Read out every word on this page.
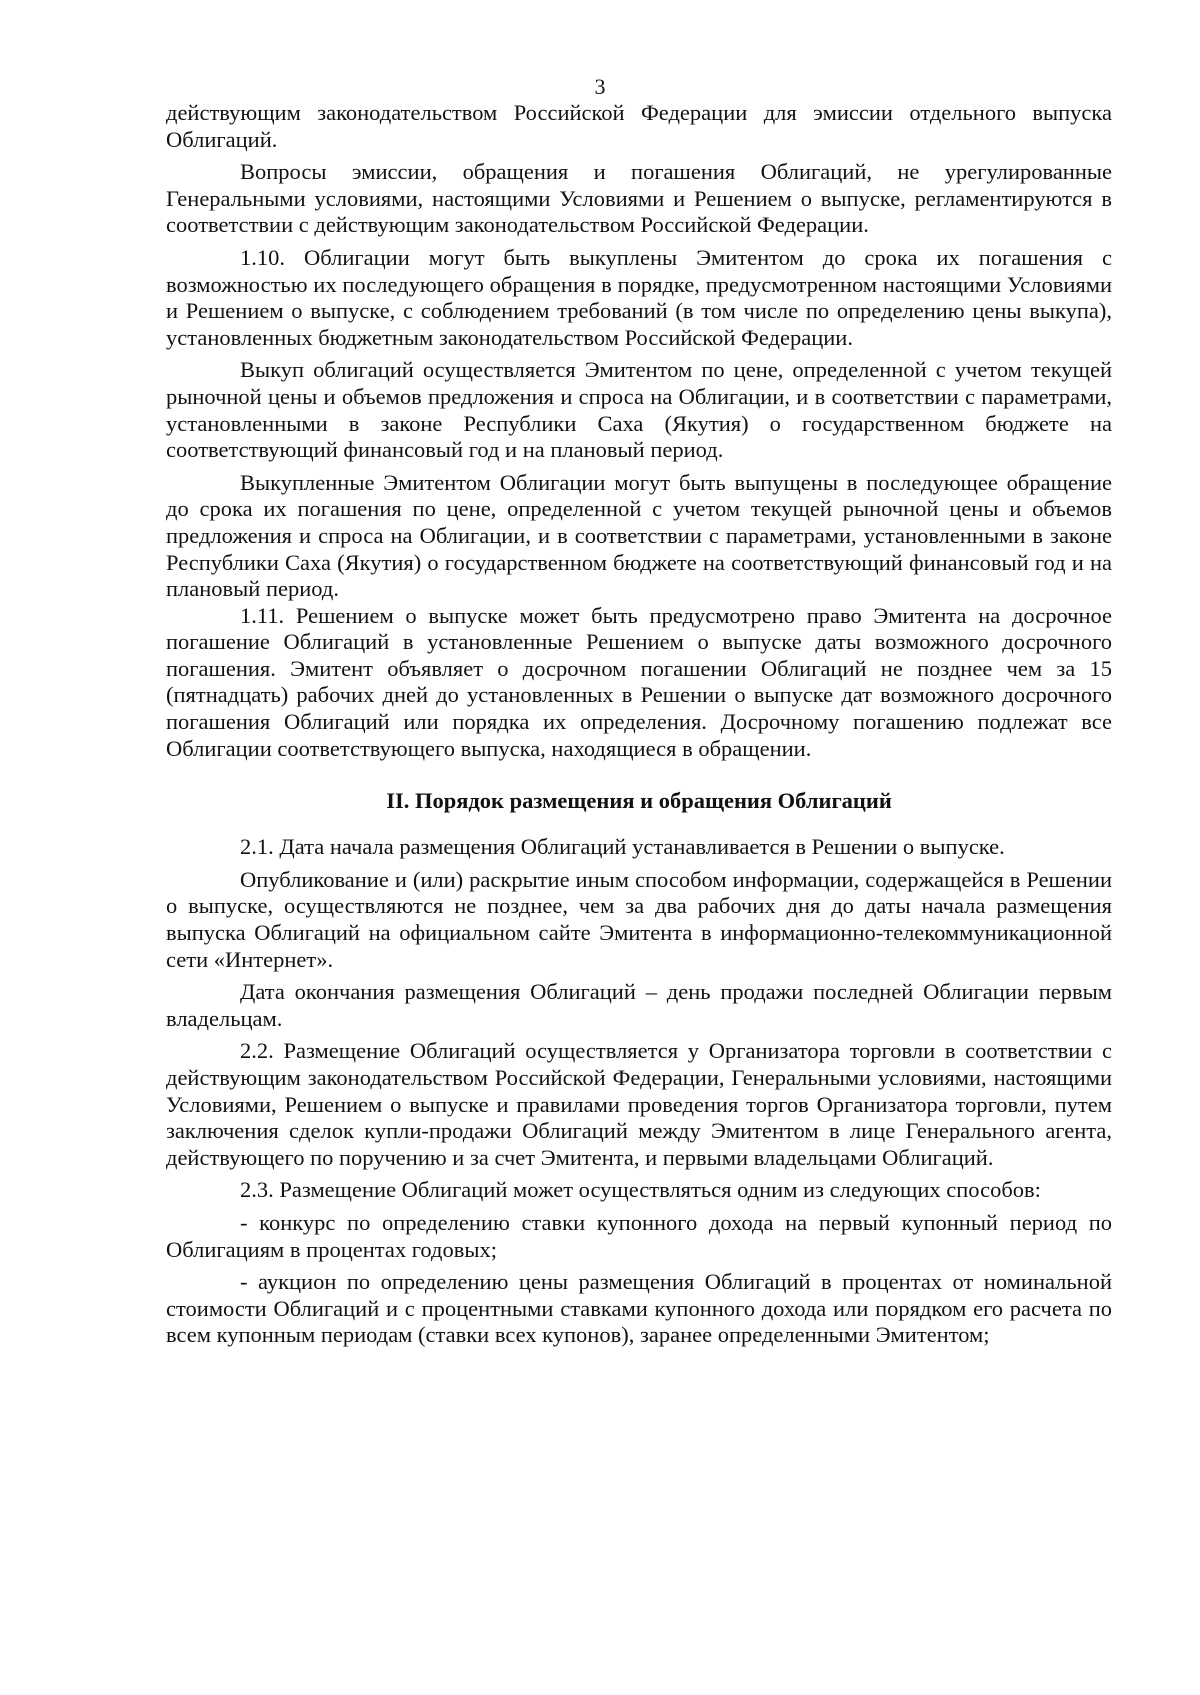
3

действующим законодательством Российской Федерации для эмиссии отдельного выпуска Облигаций.

Вопросы эмиссии, обращения и погашения Облигаций, не урегулированные Генеральными условиями, настоящими Условиями и Решением о выпуске, регламентируются в соответствии с действующим законодательством Российской Федерации.

1.10. Облигации могут быть выкуплены Эмитентом до срока их погашения с возможностью их последующего обращения в порядке, предусмотренном настоящими Условиями и Решением о выпуске, с соблюдением требований (в том числе по определению цены выкупа), установленных бюджетным законодательством Российской Федерации.

Выкуп облигаций осуществляется Эмитентом по цене, определенной с учетом текущей рыночной цены и объемов предложения и спроса на Облигации, и в соответствии с параметрами, установленными в законе Республики Саха (Якутия) о государственном бюджете на соответствующий финансовый год и на плановый период.

Выкупленные Эмитентом Облигации могут быть выпущены в последующее обращение до срока их погашения по цене, определенной с учетом текущей рыночной цены и объемов предложения и спроса на Облигации, и в соответствии с параметрами, установленными в законе Республики Саха (Якутия) о государственном бюджете на соответствующий финансовый год и на плановый период.

1.11. Решением о выпуске может быть предусмотрено право Эмитента на досрочное погашение Облигаций в установленные Решением о выпуске даты возможного досрочного погашения. Эмитент объявляет о досрочном погашении Облигаций не позднее чем за 15 (пятнадцать) рабочих дней до установленных в Решении о выпуске дат возможного досрочного погашения Облигаций или порядка их определения. Досрочному погашению подлежат все Облигации соответствующего выпуска, находящиеся в обращении.

II. Порядок размещения и обращения Облигаций

2.1. Дата начала размещения Облигаций устанавливается в Решении о выпуске.

Опубликование и (или) раскрытие иным способом информации, содержащейся в Решении о выпуске, осуществляются не позднее, чем за два рабочих дня до даты начала размещения выпуска Облигаций на официальном сайте Эмитента в информационно-телекоммуникационной сети «Интернет».

Дата окончания размещения Облигаций – день продажи последней Облигации первым владельцам.

2.2. Размещение Облигаций осуществляется у Организатора торговли в соответствии с действующим законодательством Российской Федерации, Генеральными условиями, настоящими Условиями, Решением о выпуске и правилами проведения торгов Организатора торговли, путем заключения сделок купли-продажи Облигаций между Эмитентом в лице Генерального агента, действующего по поручению и за счет Эмитента, и первыми владельцами Облигаций.

2.3. Размещение Облигаций может осуществляться одним из следующих способов:

- конкурс по определению ставки купонного дохода на первый купонный период по Облигациям в процентах годовых;

- аукцион по определению цены размещения Облигаций в процентах от номинальной стоимости Облигаций и с процентными ставками купонного дохода или порядком его расчета по всем купонным периодам (ставки всех купонов), заранее определенными Эмитентом;
